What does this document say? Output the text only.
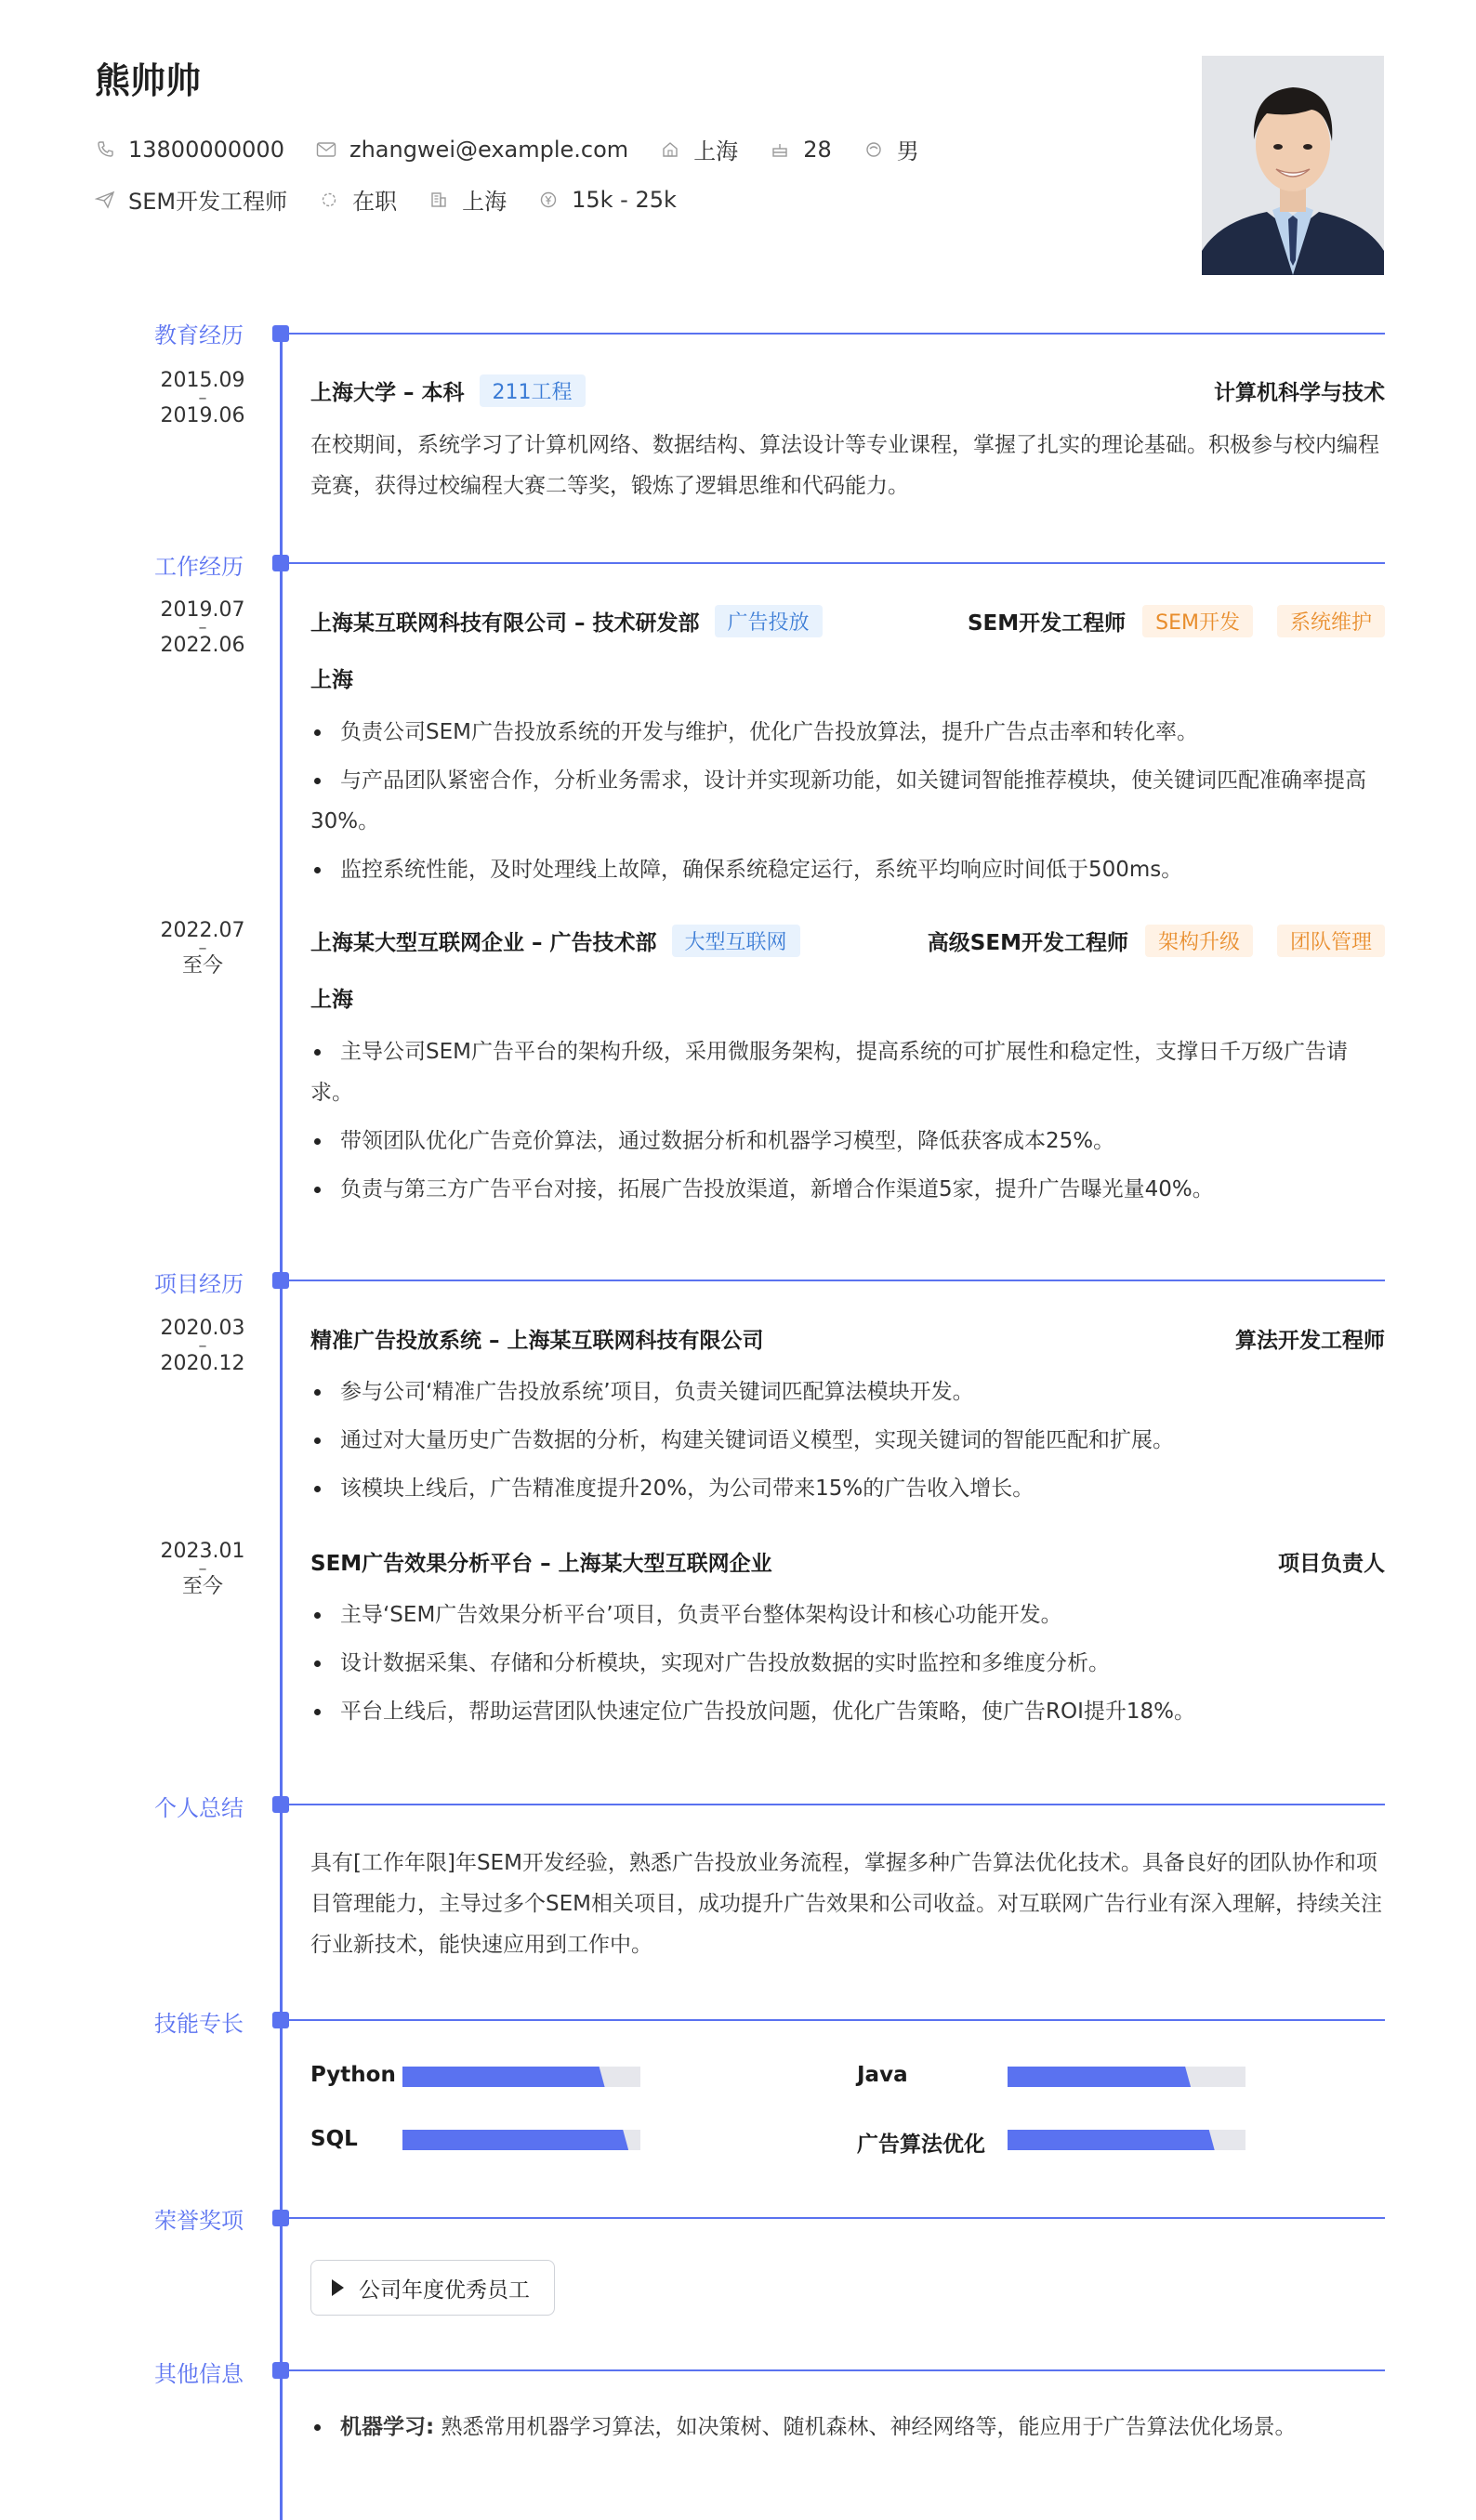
熊帅帅
13800000000	zhangwei@example.com	上海	28	男
SEM开发工程师	在职	上海	15k - 25k
教育经历
2015.09
–
2019.06
上海大学 – 本科	211工程	计算机科学与技术
在校期间，系统学习了计算机网络、数据结构、算法设计等专业课程，掌握了扎实的理论基础。积极参与校内编程竞赛，获得过校编程大赛二等奖，锻炼了逻辑思维和代码能力。
工作经历
2019.07
–
2022.06
上海某互联网科技有限公司 – 技术研发部	广告投放	SEM开发工程师	SEM开发	系统维护
上海
负责公司SEM广告投放系统的开发与维护，优化广告投放算法，提升广告点击率和转化率。
与产品团队紧密合作，分析业务需求，设计并实现新功能，如关键词智能推荐模块，使关键词匹配准确率提高30%。
监控系统性能，及时处理线上故障，确保系统稳定运行，系统平均响应时间低于500ms。
2022.07
–
至今
上海某大型互联网企业 – 广告技术部	大型互联网	高级SEM开发工程师	架构升级	团队管理
上海
主导公司SEM广告平台的架构升级，采用微服务架构，提高系统的可扩展性和稳定性，支撑日千万级广告请求。
带领团队优化广告竞价算法，通过数据分析和机器学习模型，降低获客成本25%。
负责与第三方广告平台对接，拓展广告投放渠道，新增合作渠道5家，提升广告曝光量40%。
项目经历
2020.03
–
2020.12
精准广告投放系统 – 上海某互联网科技有限公司	算法开发工程师
参与公司‘精准广告投放系统’项目，负责关键词匹配算法模块开发。
通过对大量历史广告数据的分析，构建关键词语义模型，实现关键词的智能匹配和扩展。
该模块上线后，广告精准度提升20%，为公司带来15%的广告收入增长。
2023.01
–
至今
SEM广告效果分析平台 – 上海某大型互联网企业	项目负责人
主导‘SEM广告效果分析平台’项目，负责平台整体架构设计和核心功能开发。
设计数据采集、存储和分析模块，实现对广告投放数据的实时监控和多维度分析。
平台上线后，帮助运营团队快速定位广告投放问题，优化广告策略，使广告ROI提升18%。
个人总结
具有[工作年限]年SEM开发经验，熟悉广告投放业务流程，掌握多种广告算法优化技术。具备良好的团队协作和项目管理能力，主导过多个SEM相关项目，成功提升广告效果和公司收益。对互联网广告行业有深入理解，持续关注行业新技术，能快速应用到工作中。
技能专长
Python	Java
SQL	广告算法优化
荣誉奖项
公司年度优秀员工
其他信息
机器学习: 熟悉常用机器学习算法，如决策树、随机森林、神经网络等，能应用于广告算法优化场景。
